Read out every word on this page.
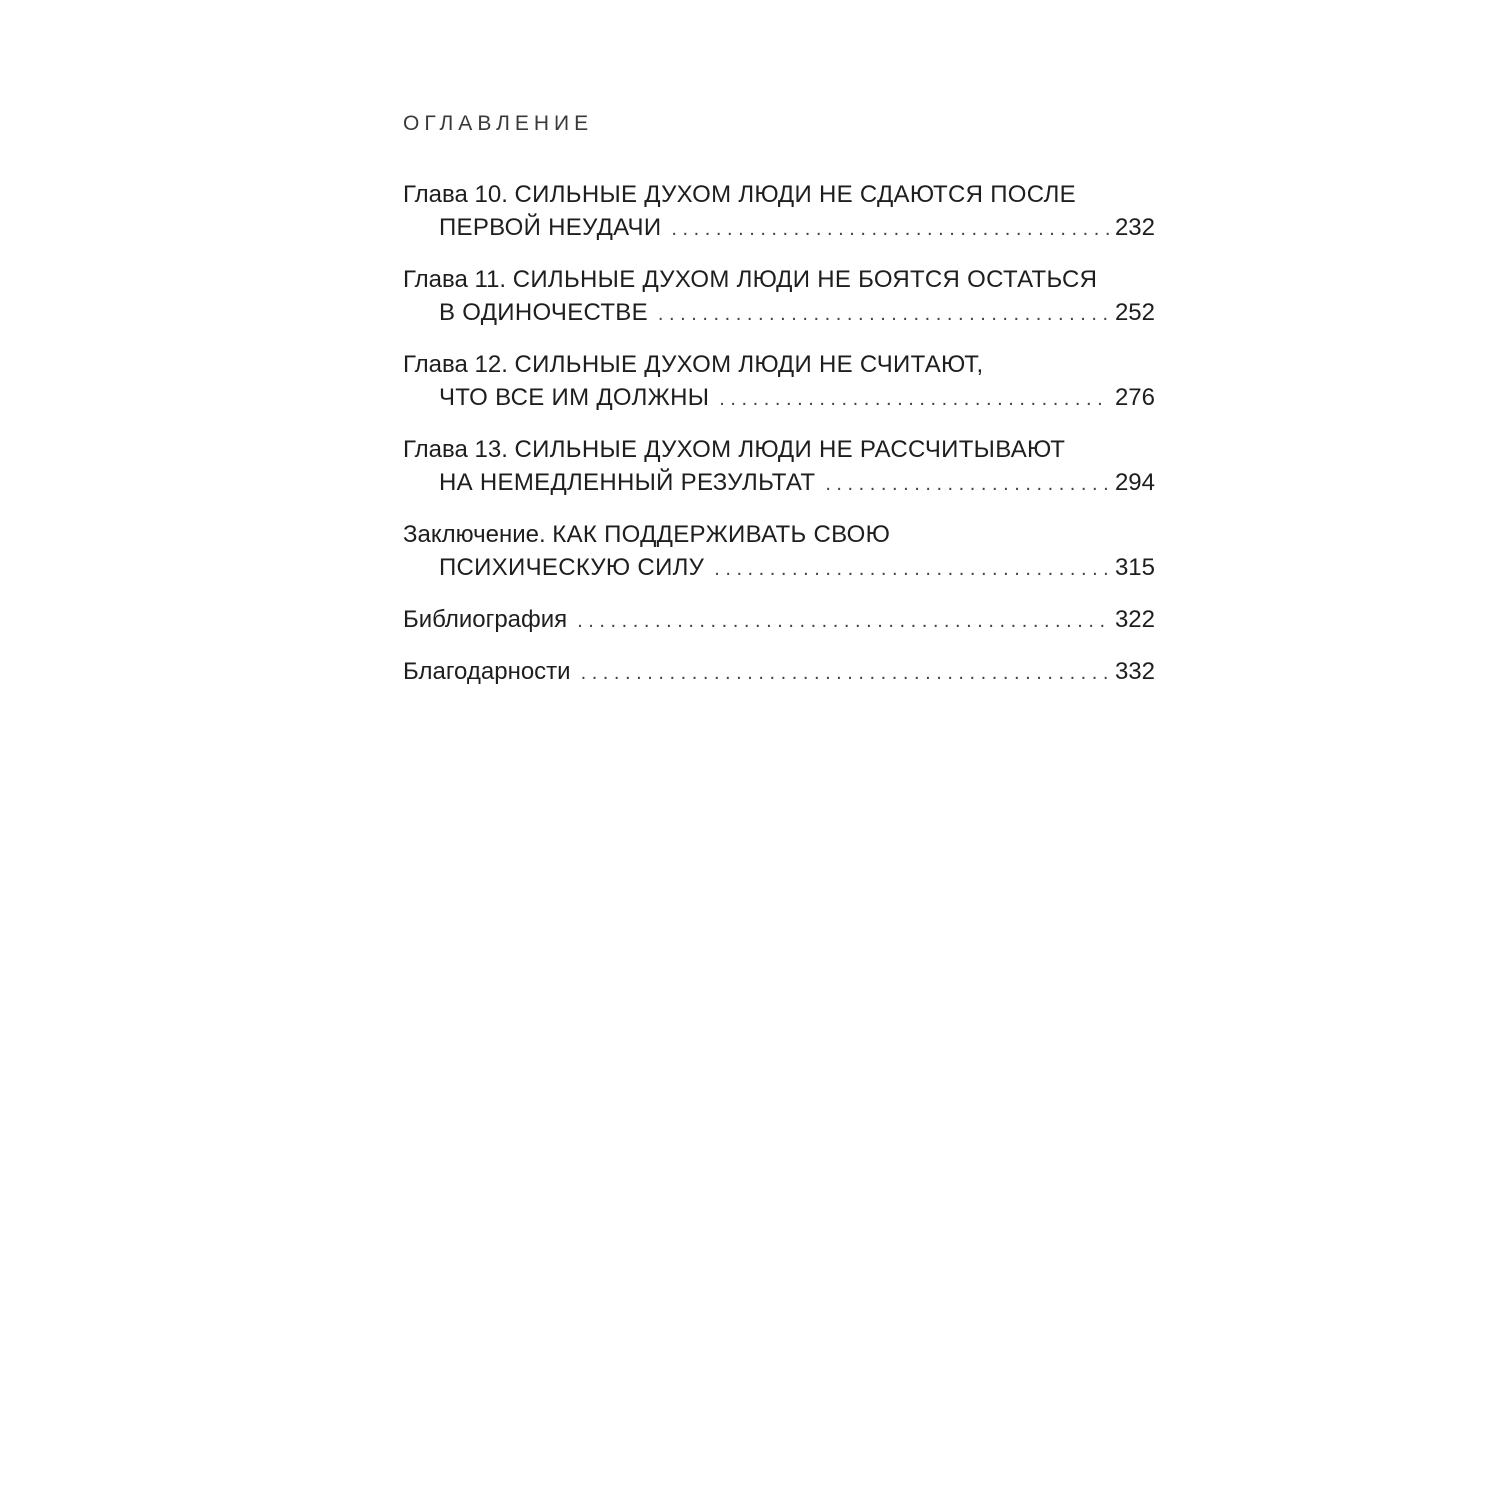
ОГЛАВЛЕНИЕ
Глава 10. СИЛЬНЫЕ ДУХОМ ЛЮДИ НЕ СДАЮТСЯ ПОСЛЕ
ПЕРВОЙ НЕУДАЧИ . . .	232
Глава 11. СИЛЬНЫЕ ДУХОМ ЛЮДИ НЕ БОЯТСЯ ОСТАТЬСЯ
В ОДИНОЧЕСТВЕ . . .	252
Глава 12. СИЛЬНЫЕ ДУХОМ ЛЮДИ НЕ СЧИТАЮТ,
ЧТО ВСЕ ИМ ДОЛЖНЫ . . .	276
Глава 13. СИЛЬНЫЕ ДУХОМ ЛЮДИ НЕ РАССЧИТЫВАЮТ
НА НЕМЕДЛЕННЫЙ РЕЗУЛЬТАТ . . .	294
Заключение. КАК ПОДДЕРЖИВАТЬ СВОЮ
ПСИХИЧЕСКУЮ СИЛУ . . .	315
Библиография . . .	322
Благодарности . . .	332
